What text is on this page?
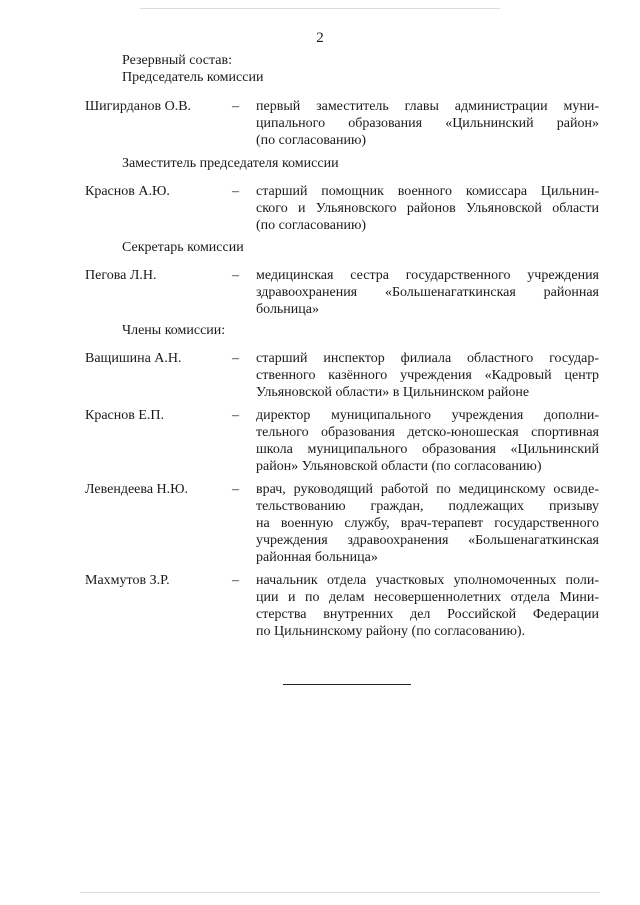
2
Резервный состав:
Председатель комиссии
Шигирданов О.В.	– первый заместитель главы администрации муни-
ципального образования «Цильнинский район»
(по согласованию)
Заместитель председателя комиссии
Краснов А.Ю.	– старший помощник военного комиссара Цильнин-
ского и Ульяновского районов Ульяновской области
(по согласованию)
Секретарь комиссии
Пегова Л.Н.	– медицинская сестра государственного учреждения
здравоохранения «Большенагаткинская районная
больница»
Члены комиссии:
Ващишина А.Н.	– старший инспектор филиала областного государ-
ственного казённого учреждения «Кадровый центр
Ульяновской области» в Цильнинском районе
Краснов Е.П.	– директор муниципального учреждения дополни-
тельного образования детско-юношеская спортивная
школа муниципального образования «Цильнинский
район» Ульяновской области (по согласованию)
Левендеева Н.Ю.	– врач, руководящий работой по медицинскому освиде-
тельствованию граждан, подлежащих призыву
на военную службу, врач-терапевт государственного
учреждения здравоохранения «Большенагаткинская
районная больница»
Махмутов З.Р.	– начальник отдела участковых уполномоченных поли-
ции и по делам несовершеннолетних отдела Мини-
стерства внутренних дел Российской Федерации
по Цильнинскому району (по согласованию).
